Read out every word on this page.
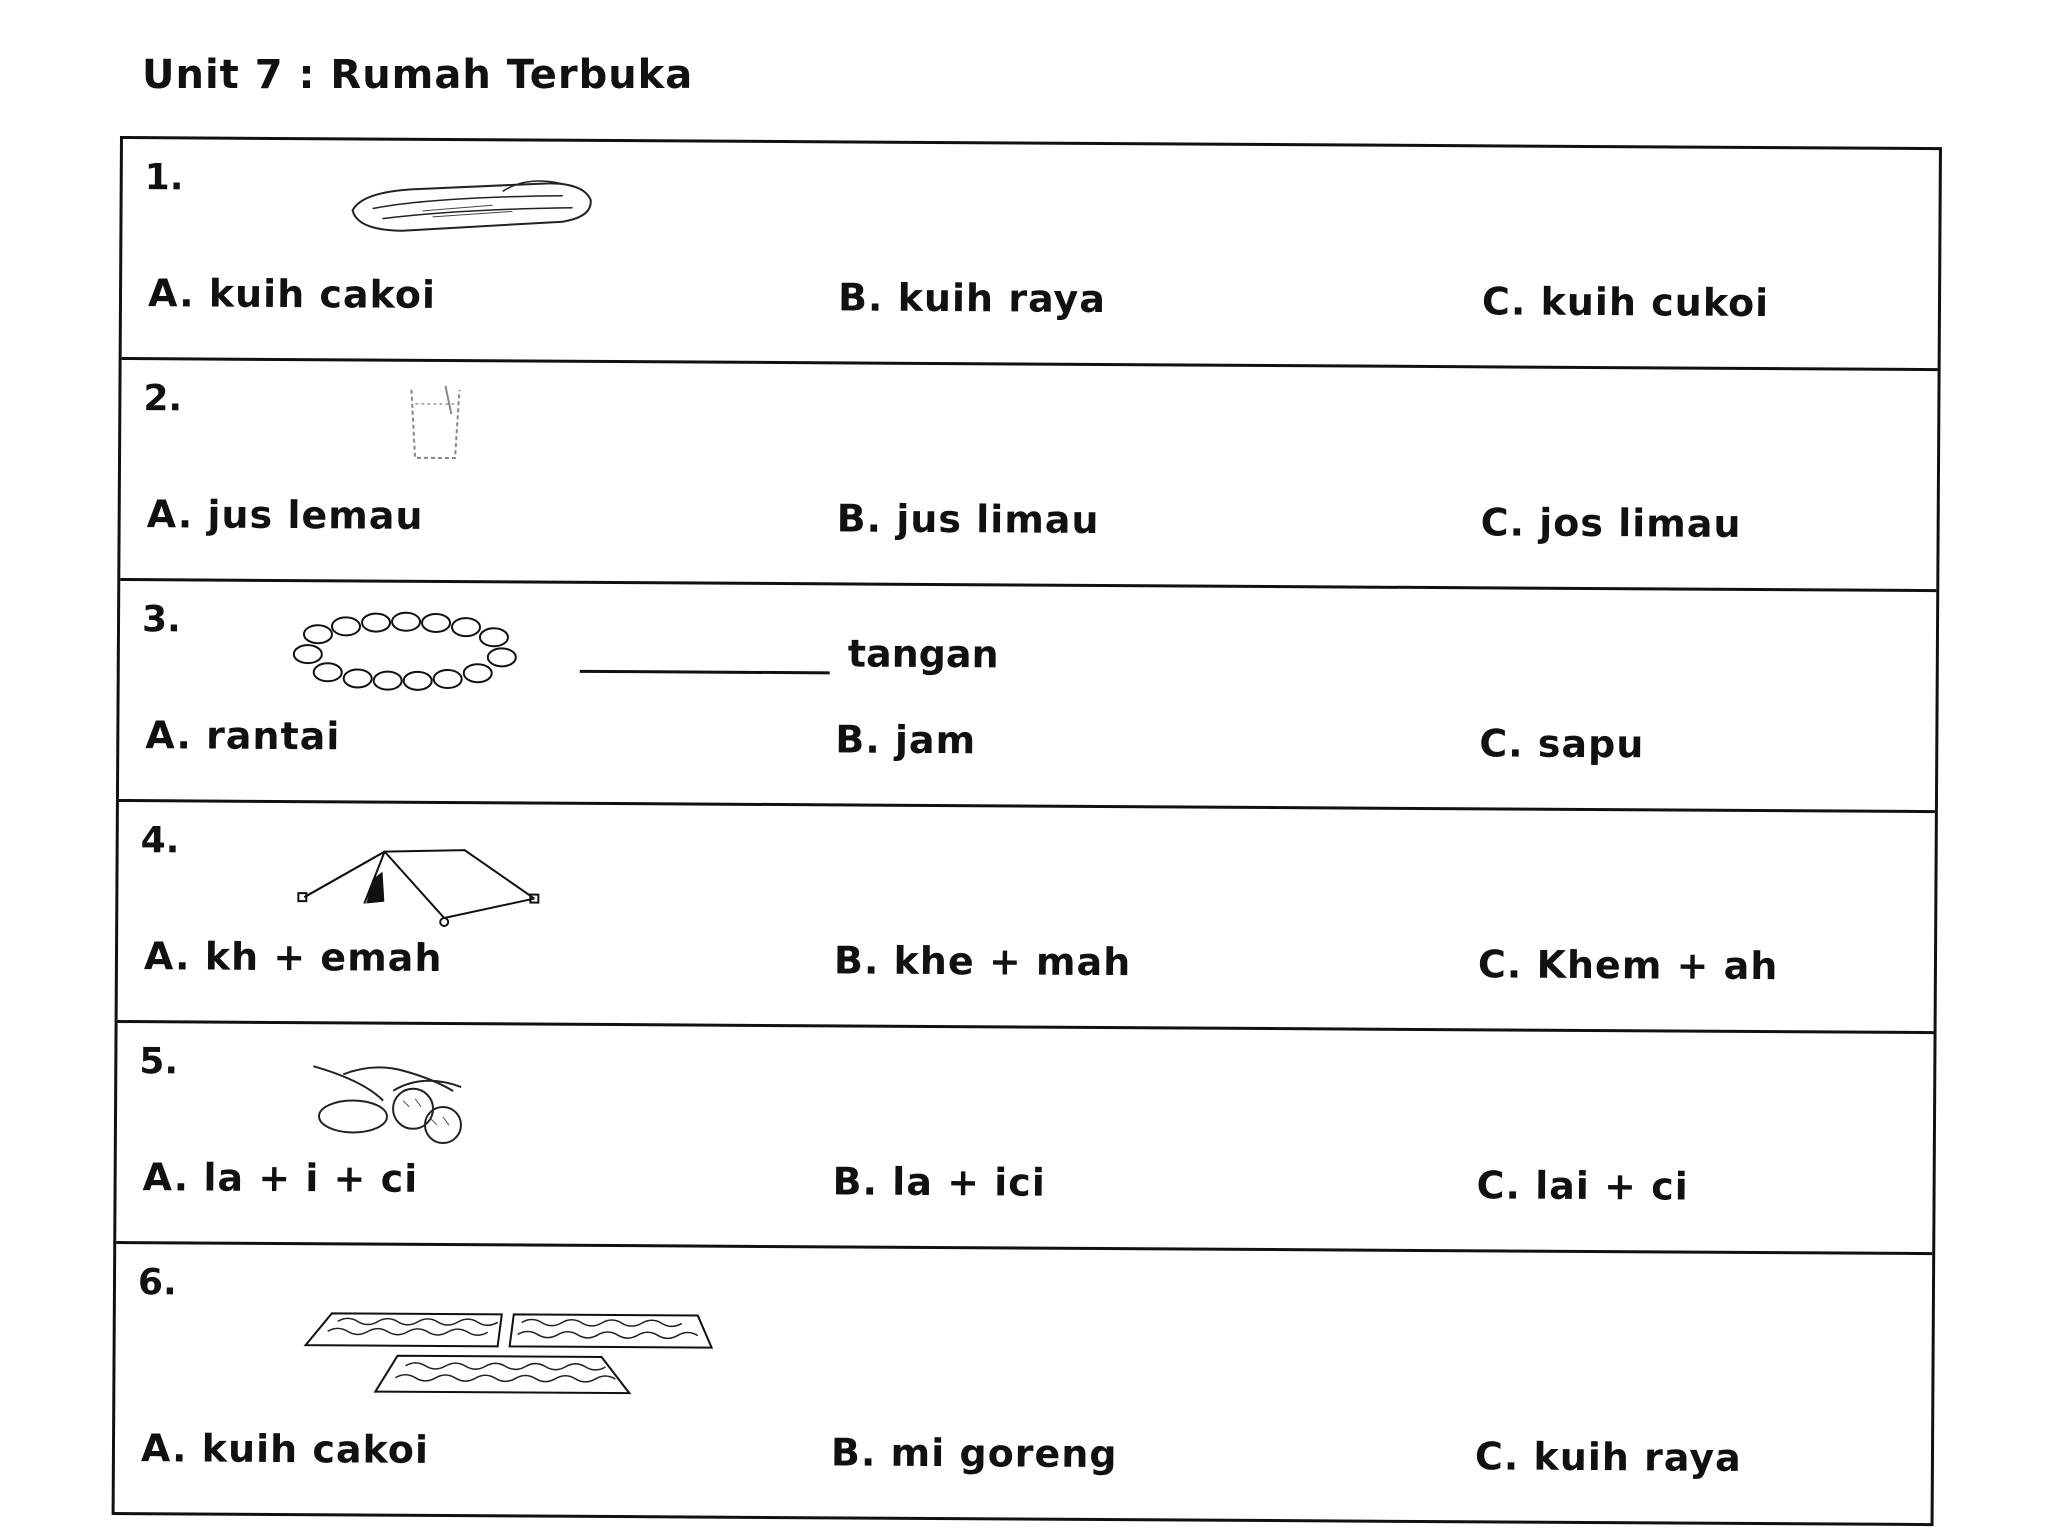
Unit 7 : Rumah Terbuka
1.
A. kuih cakoi	B. kuih raya	C. kuih cukoi
2.
A. jus lemau	B. jus limau	C. jos limau
3.
tangan
A. rantai	B. jam	C. sapu
4.
A. kh + emah	B. khe + mah	C. Khem + ah
5.
A. la + i + ci	B. la + ici	C. lai + ci
6.
A. kuih cakoi	B. mi goreng	C. kuih raya
